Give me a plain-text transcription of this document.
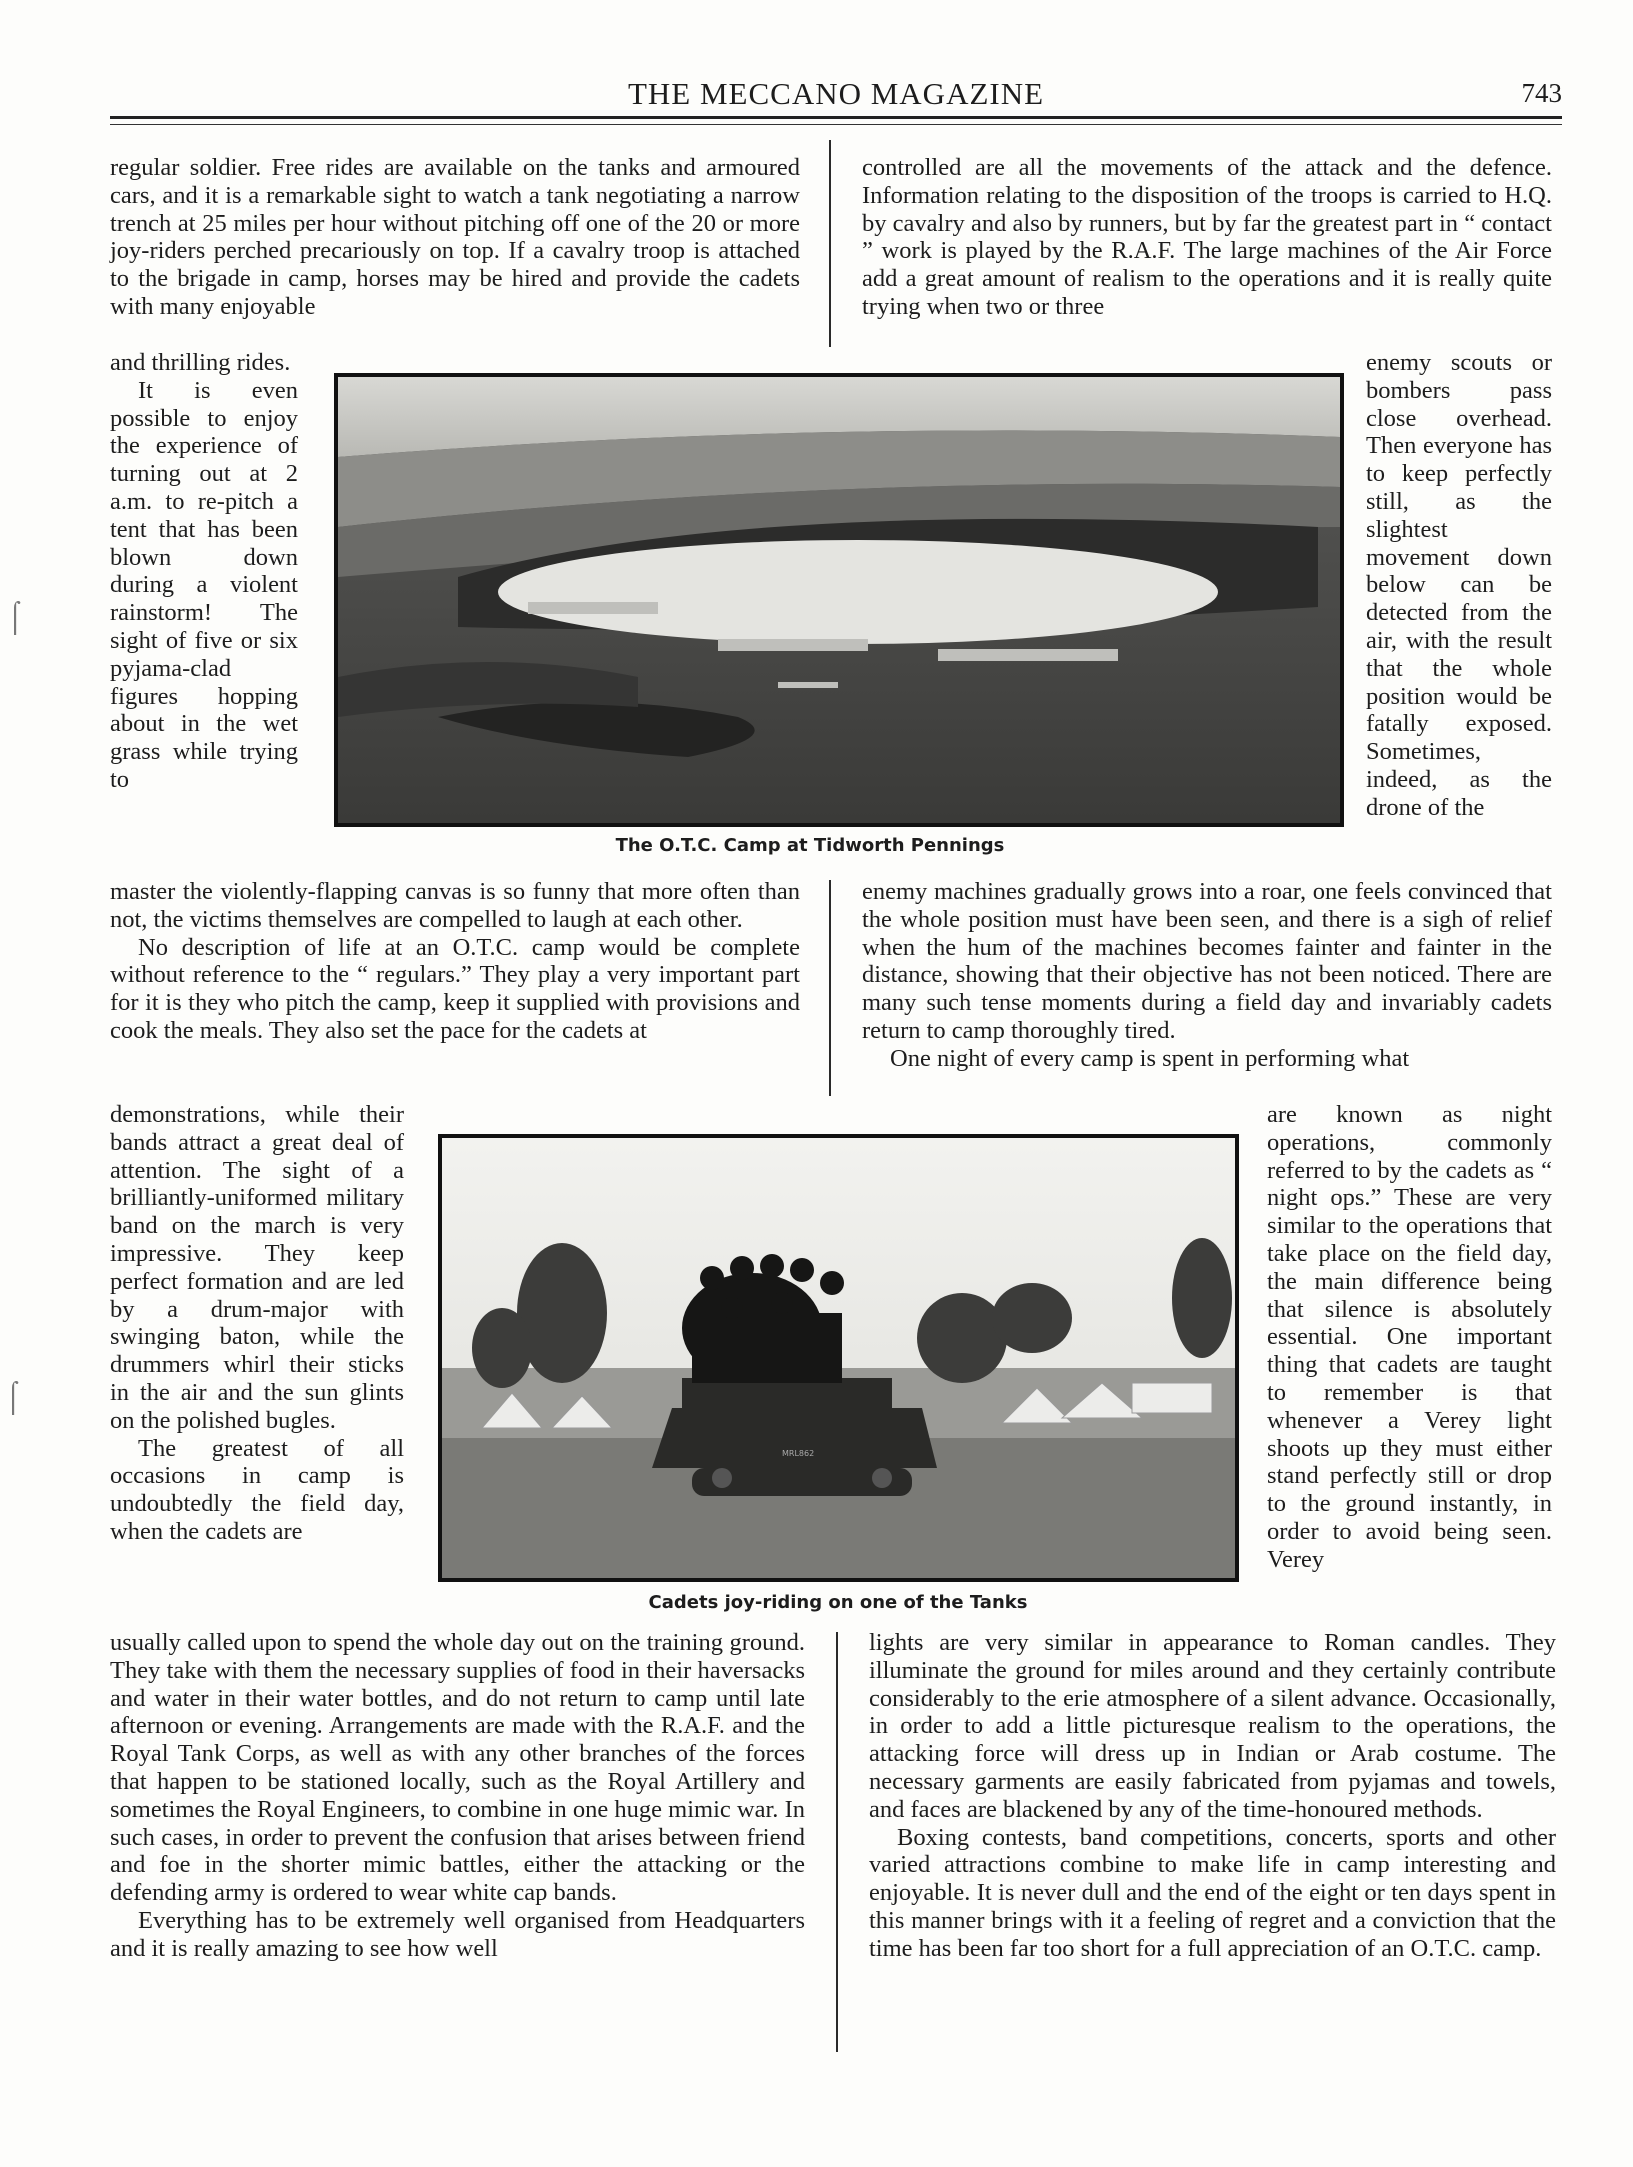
THE MECCANO MAGAZINE	743

regular soldier. Free rides are available on the tanks and armoured cars, and it is a remarkable sight to watch a tank negotiating a narrow trench at 25 miles per hour without pitching off one of the 20 or more joy-riders perched precariously on top. If a cavalry troop is attached to the brigade in camp, horses may be hired and provide the cadets with many enjoyable

and thrilling rides.

It is even possible to enjoy the experience of turning out at 2 a.m. to re-pitch a tent that has been blown down during a violent rainstorm! The sight of five or six pyjama-clad figures hopping about in the wet grass while trying to

The O.T.C. Camp at Tidworth Pennings

controlled are all the movements of the attack and the defence. Information relating to the disposition of the troops is carried to H.Q. by cavalry and also by runners, but by far the greatest part in “ contact ” work is played by the R.A.F. The large machines of the Air Force add a great amount of realism to the operations and it is really quite trying when two or three

enemy scouts or bombers pass close overhead. Then everyone has to keep perfectly still, as the slightest movement down below can be detected from the air, with the result that the whole position would be fatally exposed. Sometimes, indeed, as the drone of the

master the violently-flapping canvas is so funny that more often than not, the victims themselves are compelled to laugh at each other.

No description of life at an O.T.C. camp would be complete without reference to the “ regulars.” They play a very important part for it is they who pitch the camp, keep it supplied with provisions and cook the meals. They also set the pace for the cadets at

enemy machines gradually grows into a roar, one feels convinced that the whole position must have been seen, and there is a sigh of relief when the hum of the machines becomes fainter and fainter in the distance, showing that their objective has not been noticed. There are many such tense moments during a field day and invariably cadets return to camp thoroughly tired.

One night of every camp is spent in performing what

demonstrations, while their bands attract a great deal of attention. The sight of a brilliantly-uniformed military band on the march is very impressive. They keep perfect formation and are led by a drum-major with swinging baton, while the drummers whirl their sticks in the air and the sun glints on the polished bugles.

The greatest of all occasions in camp is undoubtedly the field day, when the cadets are

MRL862
Cadets joy-riding on one of the Tanks

are known as night operations, commonly referred to by the cadets as “ night ops.” These are very similar to the operations that take place on the field day, the main difference being that silence is absolutely essential. One important thing that cadets are taught to remember is that whenever a Verey light shoots up they must either stand perfectly still or drop to the ground instantly, in order to avoid being seen. Verey

usually called upon to spend the whole day out on the training ground. They take with them the necessary supplies of food in their haversacks and water in their water bottles, and do not return to camp until late afternoon or evening. Arrangements are made with the R.A.F. and the Royal Tank Corps, as well as with any other branches of the forces that happen to be stationed locally, such as the Royal Artillery and sometimes the Royal Engineers, to combine in one huge mimic war. In such cases, in order to prevent the confusion that arises between friend and foe in the shorter mimic battles, either the attacking or the defending army is ordered to wear white cap bands.

Everything has to be extremely well organised from Headquarters and it is really amazing to see how well

lights are very similar in appearance to Roman candles. They illuminate the ground for miles around and they certainly contribute considerably to the erie atmosphere of a silent advance. Occasionally, in order to add a little picturesque realism to the operations, the attacking force will dress up in Indian or Arab costume. The necessary garments are easily fabricated from pyjamas and towels, and faces are blackened by any of the time-honoured methods.

Boxing contests, band competitions, concerts, sports and other varied attractions combine to make life in camp interesting and enjoyable. It is never dull and the end of the eight or ten days spent in this manner brings with it a feeling of regret and a conviction that the time has been far too short for a full appreciation of an O.T.C. camp.

⌠
⌠
